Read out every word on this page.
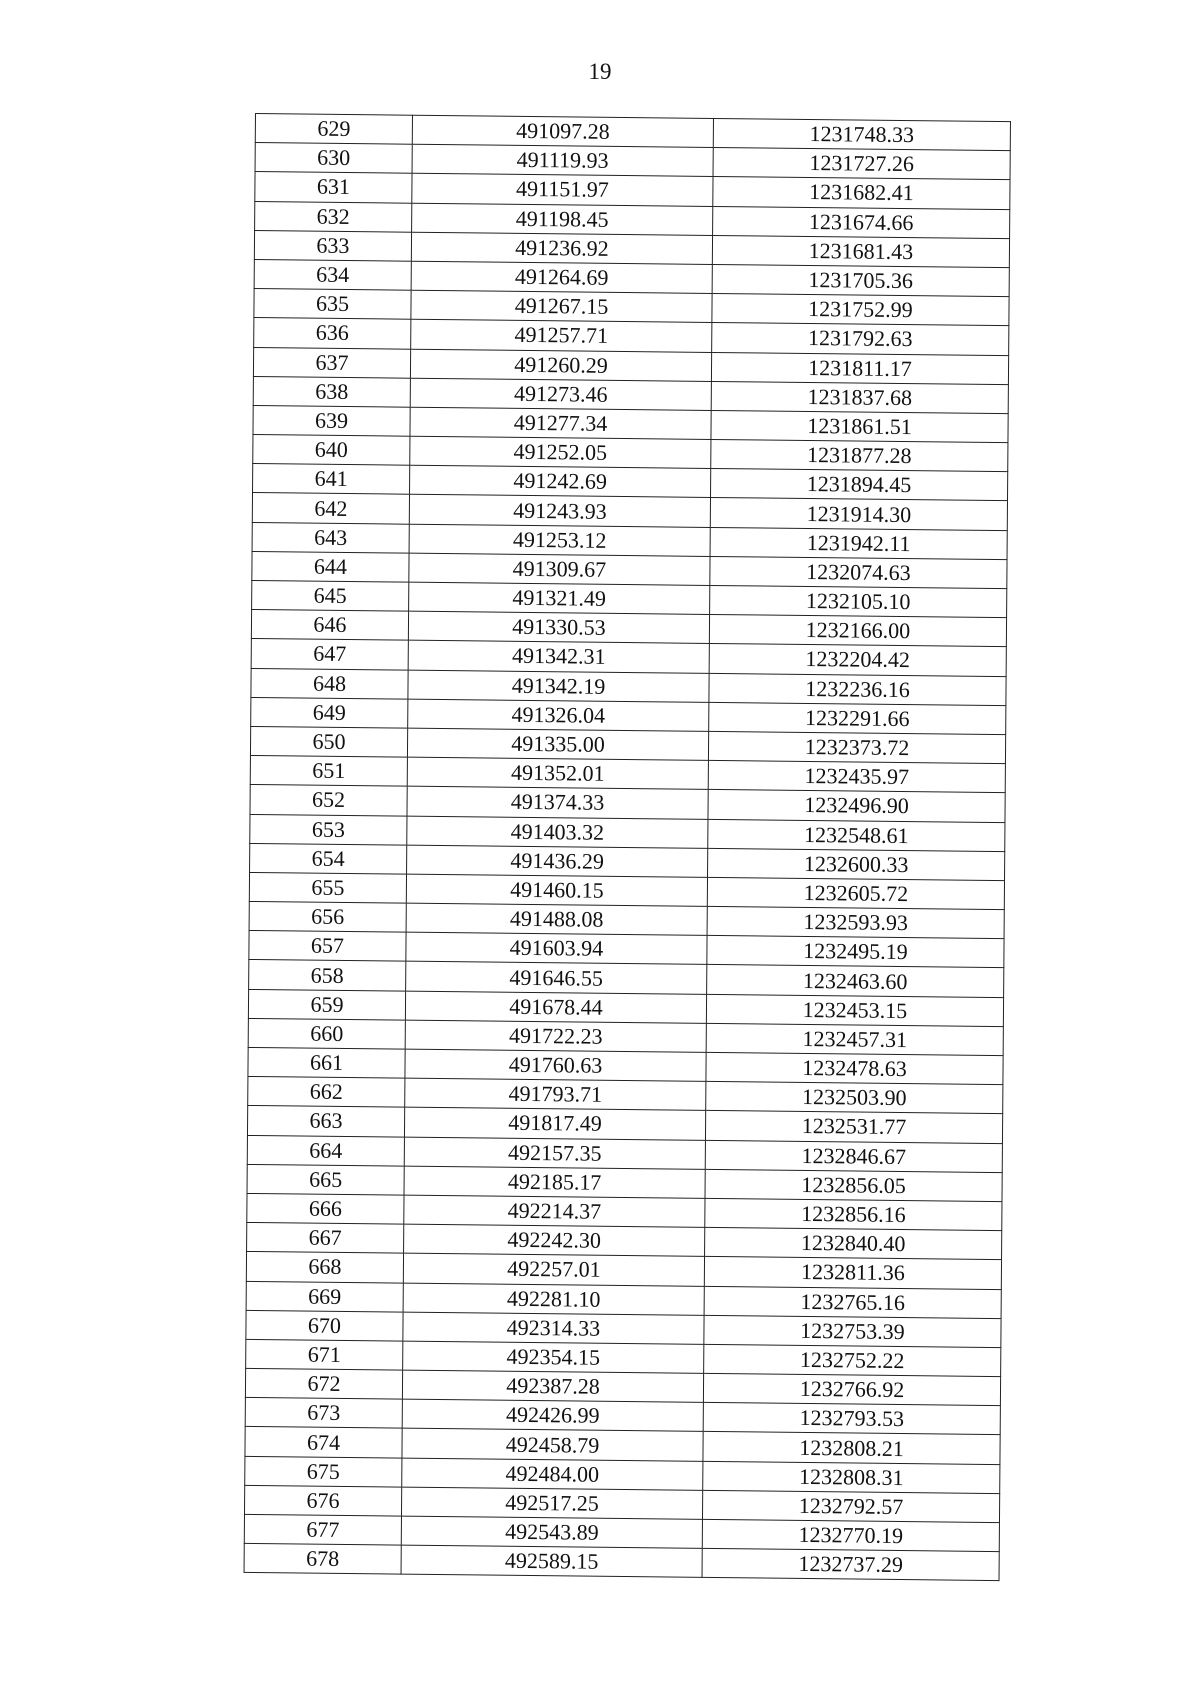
19
629	491097.28	1231748.33
630	491119.93	1231727.26
631	491151.97	1231682.41
632	491198.45	1231674.66
633	491236.92	1231681.43
634	491264.69	1231705.36
635	491267.15	1231752.99
636	491257.71	1231792.63
637	491260.29	1231811.17
638	491273.46	1231837.68
639	491277.34	1231861.51
640	491252.05	1231877.28
641	491242.69	1231894.45
642	491243.93	1231914.30
643	491253.12	1231942.11
644	491309.67	1232074.63
645	491321.49	1232105.10
646	491330.53	1232166.00
647	491342.31	1232204.42
648	491342.19	1232236.16
649	491326.04	1232291.66
650	491335.00	1232373.72
651	491352.01	1232435.97
652	491374.33	1232496.90
653	491403.32	1232548.61
654	491436.29	1232600.33
655	491460.15	1232605.72
656	491488.08	1232593.93
657	491603.94	1232495.19
658	491646.55	1232463.60
659	491678.44	1232453.15
660	491722.23	1232457.31
661	491760.63	1232478.63
662	491793.71	1232503.90
663	491817.49	1232531.77
664	492157.35	1232846.67
665	492185.17	1232856.05
666	492214.37	1232856.16
667	492242.30	1232840.40
668	492257.01	1232811.36
669	492281.10	1232765.16
670	492314.33	1232753.39
671	492354.15	1232752.22
672	492387.28	1232766.92
673	492426.99	1232793.53
674	492458.79	1232808.21
675	492484.00	1232808.31
676	492517.25	1232792.57
677	492543.89	1232770.19
678	492589.15	1232737.29
